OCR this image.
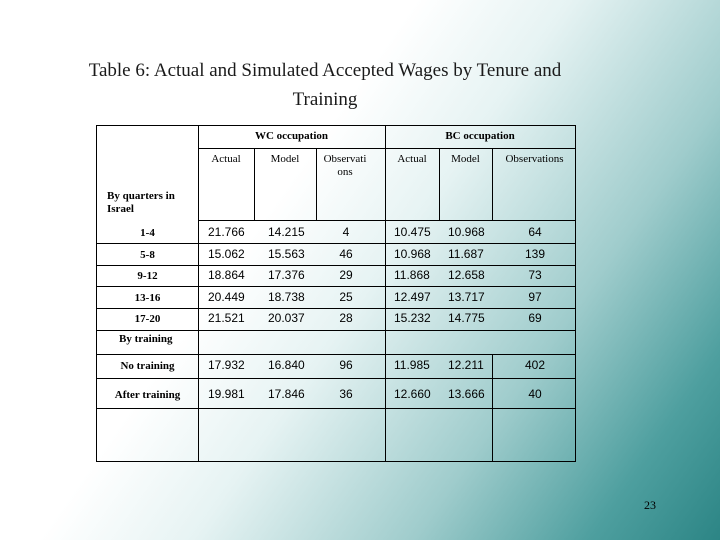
Table 6: Actual and Simulated Accepted Wages by Tenure and
Training
WC occupation	BC occupation
Actual	Model	Observati ons
Actual	Model	Observations
By quarters in Israel
By training
1-4	21.766 14.215	4	10.475 10.968	64
5-8	15.062 15.563	46	10.968 11.687	139
9-12	18.864 17.376	29	11.868 12.658	73
13-16	20.449 18.738	25	12.497 13.717	97
17-20	21.521 20.037	28	15.232 14.775	69
No training	17.932 16.840	96	11.985 12.211	402
After training	19.981 17.846	36	12.660 13.666	40
23
